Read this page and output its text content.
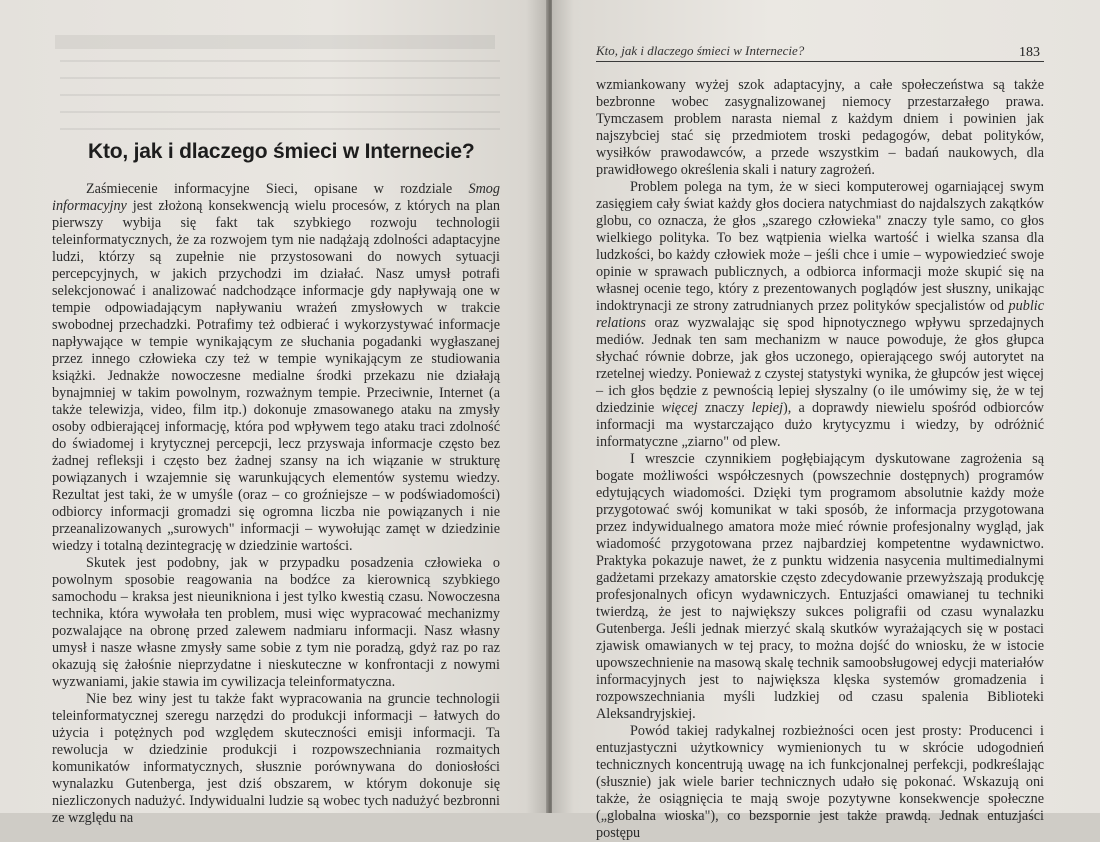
Kto, jak i dlaczego śmieci w Internecie?

Zaśmiecenie informacyjne Sieci, opisane w rozdziale Smog informacyjny jest złożoną konsekwencją wielu procesów, z których na plan pierwszy wybija się fakt tak szybkiego rozwoju technologii teleinformatycznych, że za rozwojem tym nie nadążają zdolności adaptacyjne ludzi, którzy są zupełnie nie przystosowani do nowych sytuacji percepcyjnych, w jakich przychodzi im działać. Nasz umysł potrafi selekcjonować i analizować nadchodzące informacje gdy napływają one w tempie odpowiadającym napływaniu wrażeń zmysłowych w trakcie swobodnej przechadzki. Potrafimy też odbierać i wykorzystywać informacje napływające w tempie wynikającym ze słuchania pogadanki wygłaszanej przez innego człowieka czy też w tempie wynikającym ze studiowania książki. Jednakże nowoczesne medialne środki przekazu nie działają bynajmniej w takim powolnym, rozważnym tempie. Przeciwnie, Internet (a także telewizja, video, film itp.) dokonuje zmasowanego ataku na zmysły osoby odbierającej informację, która pod wpływem tego ataku traci zdolność do świadomej i krytycznej percepcji, lecz przyswaja informacje często bez żadnej refleksji i często bez żadnej szansy na ich wiązanie w strukturę powiązanych i wzajemnie się warunkujących elementów systemu wiedzy. Rezultat jest taki, że w umyśle (oraz – co groźniejsze – w podświadomości) odbiorcy informacji gromadzi się ogromna liczba nie powiązanych i nie przeanalizowanych „surowych" informacji – wywołując zamęt w dziedzinie wiedzy i totalną dezintegrację w dziedzinie wartości.

Skutek jest podobny, jak w przypadku posadzenia człowieka o powolnym sposobie reagowania na bodźce za kierownicą szybkiego samochodu – kraksa jest nieunikniona i jest tylko kwestią czasu. Nowoczesna technika, która wywołała ten problem, musi więc wypracować mechanizmy pozwalające na obronę przed zalewem nadmiaru informacji. Nasz własny umysł i nasze własne zmysły same sobie z tym nie poradzą, gdyż raz po raz okazują się żałośnie nieprzydatne i nieskuteczne w konfrontacji z nowymi wyzwaniami, jakie stawia im cywilizacja teleinformatyczna.

Nie bez winy jest tu także fakt wypracowania na gruncie technologii teleinformatycznej szeregu narzędzi do produkcji informacji – łatwych do użycia i potężnych pod względem skuteczności emisji informacji. Ta rewolucja w dziedzinie produkcji i rozpowszechniania rozmaitych komunikatów informatycznych, słusznie porównywana do doniosłości wynalazku Gutenberga, jest dziś obszarem, w którym dokonuje się niezliczonych nadużyć. Indywidualni ludzie są wobec tych nadużyć bezbronni ze względu na

Kto, jak i dlaczego śmieci w Internecie?	183

wzmiankowany wyżej szok adaptacyjny, a całe społeczeństwa są także bezbronne wobec zasygnalizowanej niemocy przestarzałego prawa. Tymczasem problem narasta niemal z każdym dniem i powinien jak najszybciej stać się przedmiotem troski pedagogów, debat polityków, wysiłków prawodawców, a przede wszystkim – badań naukowych, dla prawidłowego określenia skali i natury zagrożeń.

Problem polega na tym, że w sieci komputerowej ogarniającej swym zasięgiem cały świat każdy głos dociera natychmiast do najdalszych zakątków globu, co oznacza, że głos „szarego człowieka" znaczy tyle samo, co głos wielkiego polityka. To bez wątpienia wielka wartość i wielka szansa dla ludzkości, bo każdy człowiek może – jeśli chce i umie – wypowiedzieć swoje opinie w sprawach publicznych, a odbiorca informacji może skupić się na własnej ocenie tego, który z prezentowanych poglądów jest słuszny, unikając indoktrynacji ze strony zatrudnianych przez polityków specjalistów od public relations oraz wyzwalając się spod hipnotycznego wpływu sprzedajnych mediów. Jednak ten sam mechanizm w nauce powoduje, że głos głupca słychać równie dobrze, jak głos uczonego, opierającego swój autorytet na rzetelnej wiedzy. Ponieważ z czystej statystyki wynika, że głupców jest więcej – ich głos będzie z pewnością lepiej słyszalny (o ile umówimy się, że w tej dziedzinie więcej znaczy lepiej), a doprawdy niewielu spośród odbiorców informacji ma wystarczająco dużo krytycyzmu i wiedzy, by odróżnić informatyczne „ziarno" od plew.

I wreszcie czynnikiem pogłębiającym dyskutowane zagrożenia są bogate możliwości współczesnych (powszechnie dostępnych) programów edytujących wiadomości. Dzięki tym programom absolutnie każdy może przygotować swój komunikat w taki sposób, że informacja przygotowana przez indywidualnego amatora może mieć równie profesjonalny wygląd, jak wiadomość przygotowana przez najbardziej kompetentne wydawnictwo. Praktyka pokazuje nawet, że z punktu widzenia nasycenia multimedialnymi gadżetami przekazy amatorskie często zdecydowanie przewyższają produkcję profesjonalnych oficyn wydawniczych. Entuzjaści omawianej tu techniki twierdzą, że jest to największy sukces poligrafii od czasu wynalazku Gutenberga. Jeśli jednak mierzyć skalą skutków wyrażających się w postaci zjawisk omawianych w tej pracy, to można dojść do wniosku, że w istocie upowszechnienie na masową skalę technik samoobsługowej edycji materiałów informacyjnych jest to największa klęska systemów gromadzenia i rozpowszechniania myśli ludzkiej od czasu spalenia Biblioteki Aleksandryjskiej.

Powód takiej radykalnej rozbieżności ocen jest prosty: Producenci i entuzjastyczni użytkownicy wymienionych tu w skrócie udogodnień technicznych koncentrują uwagę na ich funkcjonalnej perfekcji, podkreślając (słusznie) jak wiele barier technicznych udało się pokonać. Wskazują oni także, że osiągnięcia te mają swoje pozytywne konsekwencje społeczne („globalna wioska"), co bezspornie jest także prawdą. Jednak entuzjaści postępu
